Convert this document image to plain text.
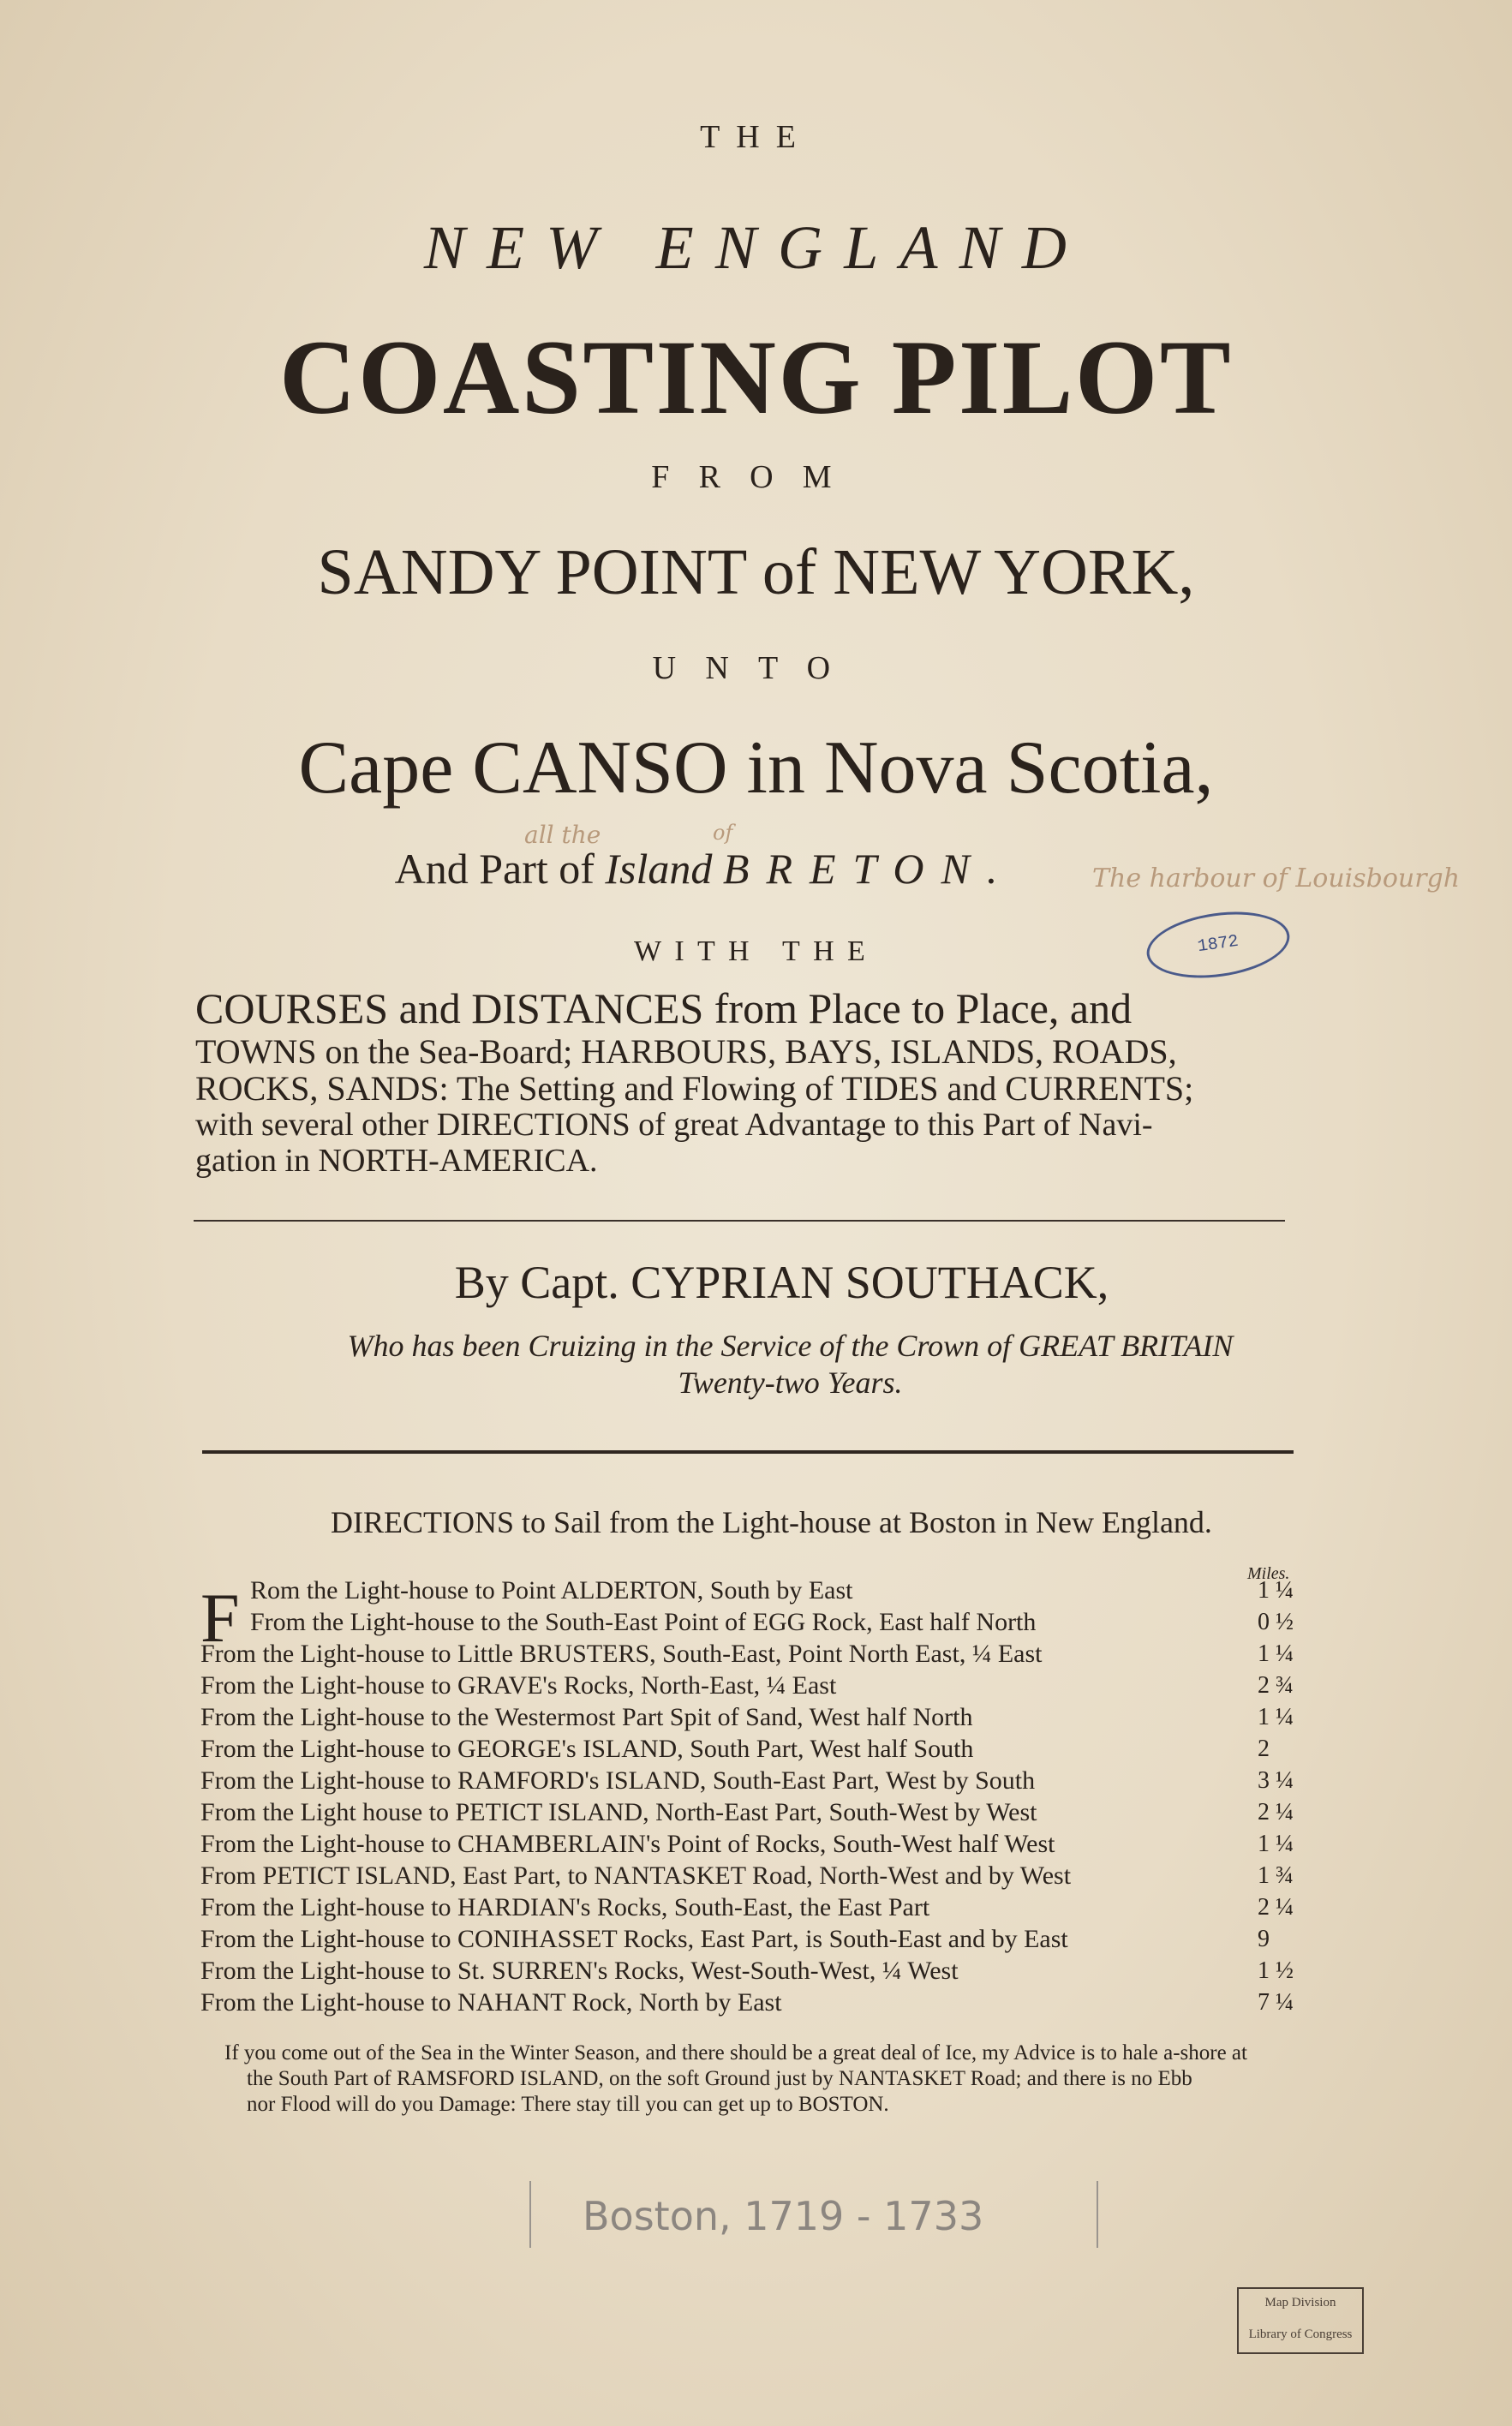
THE
NEW ENGLAND
COASTING PILOT
FROM
SANDY POINT of NEW YORK,
UNTO
Cape CANSO in Nova Scotia,
And Part of Island BRETON.
all the	of
The harbour of Louisbourgh
1872
WITH THE
COURSES and DISTANCES from Place to Place, and
TOWNS on the Sea-Board; HARBOURS, BAYS, ISLANDS, ROADS,
ROCKS, SANDS: The Setting and Flowing of TIDES and CURRENTS;
with several other DIRECTIONS of great Advantage to this Part of Navi-
gation in NORTH-AMERICA.
By Capt. CYPRIAN SOUTHACK,
Who has been Cruizing in the Service of the Crown of GREAT BRITAIN
Twenty-two Years.
DIRECTIONS to Sail from the Light-house at Boston in New England.
Miles.
F Rom the Light-house to Point ALDERTON, South by East	1 ¼
From the Light-house to the South-East Point of EGG Rock, East half North	0 ½
From the Light-house to Little BRUSTERS, South-East, Point North East, ¼ East	1 ¼
From the Light-house to GRAVE's Rocks, North-East, ¼ East	2 ¾
From the Light-house to the Westermost Part Spit of Sand, West half North	1 ¼
From the Light-house to GEORGE's ISLAND, South Part, West half South	2
From the Light-house to RAMFORD's ISLAND, South-East Part, West by South	3 ¼
From the Light house to PETICT ISLAND, North-East Part, South-West by West	2 ¼
From the Light-house to CHAMBERLAIN's Point of Rocks, South-West half West	1 ¼
From PETICT ISLAND, East Part, to NANTASKET Road, North-West and by West	1 ¾
From the Light-house to HARDIAN's Rocks, South-East, the East Part	2 ¼
From the Light-house to CONIHASSET Rocks, East Part, is South-East and by East	9
From the Light-house to St. SURREN's Rocks, West-South-West, ¼ West	1 ½
From the Light-house to NAHANT Rock, North by East	7 ¼
If you come out of the Sea in the Winter Season, and there should be a great deal of Ice, my Advice is to hale a-shore at
the South Part of RAMSFORD ISLAND, on the soft Ground just by NANTASKET Road; and there is no Ebb
nor Flood will do you Damage: There stay till you can get up to BOSTON.
Boston, 1719 - 1733
Map Division
Library of Congress
